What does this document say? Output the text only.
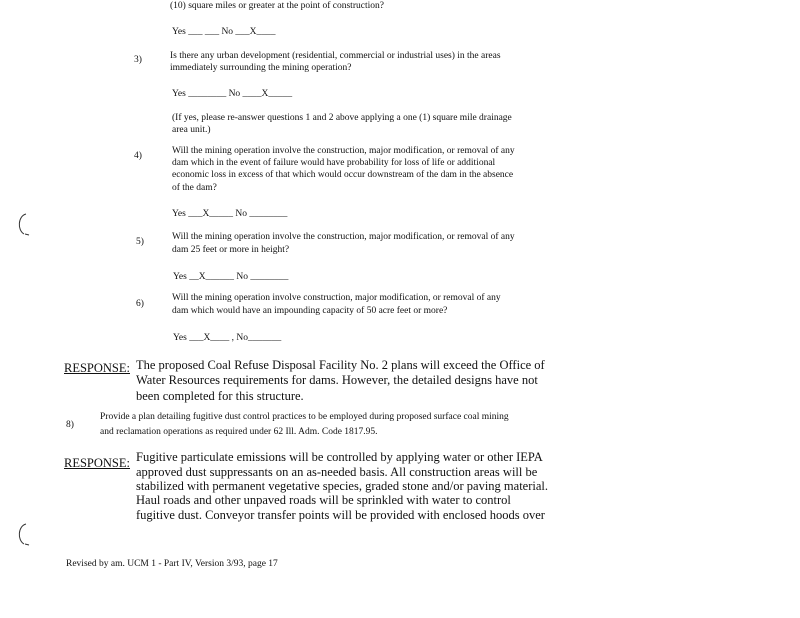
(10) square miles or greater at the point of construction?
Yes ___ ___ No ___X____
3)	Is there any urban development (residential, commercial or industrial uses) in the areas
immediately surrounding the mining operation?
Yes ________ No ____X_____
(If yes, please re-answer questions 1 and 2 above applying a one (1) square mile drainage
area unit.)
4)	Will the mining operation involve the construction, major modification, or removal of any
dam which in the event of failure would have probability for loss of life or additional
economic loss in excess of that which would occur downstream of the dam in the absence
of the dam?
Yes ___X_____ No ________
5)	Will the mining operation involve the construction, major modification, or removal of any
dam 25 feet or more in height?
Yes __X______ No ________
6)
Will the mining operation involve construction, major modification, or removal of any
dam which would have an impounding capacity of 50 acre feet or more?
Yes ___X____ , No_______
RESPONSE: The proposed Coal Refuse Disposal Facility No. 2 plans will exceed the Office of
Water Resources requirements for dams. However, the detailed designs have not
been completed for this structure.
8)
Provide a plan detailing fugitive dust control practices to be employed during proposed surface coal mining
and reclamation operations as required under 62 Ill. Adm. Code 1817.95.
RESPONSE: Fugitive particulate emissions will be controlled by applying water or other IEPA
approved dust suppressants on an as-needed basis. All construction areas will be
stabilized with permanent vegetative species, graded stone and/or paving material.
Haul roads and other unpaved roads will be sprinkled with water to control
fugitive dust. Conveyor transfer points will be provided with enclosed hoods over
Revised by am. UCM 1 - Part IV, Version 3/93, page 17
